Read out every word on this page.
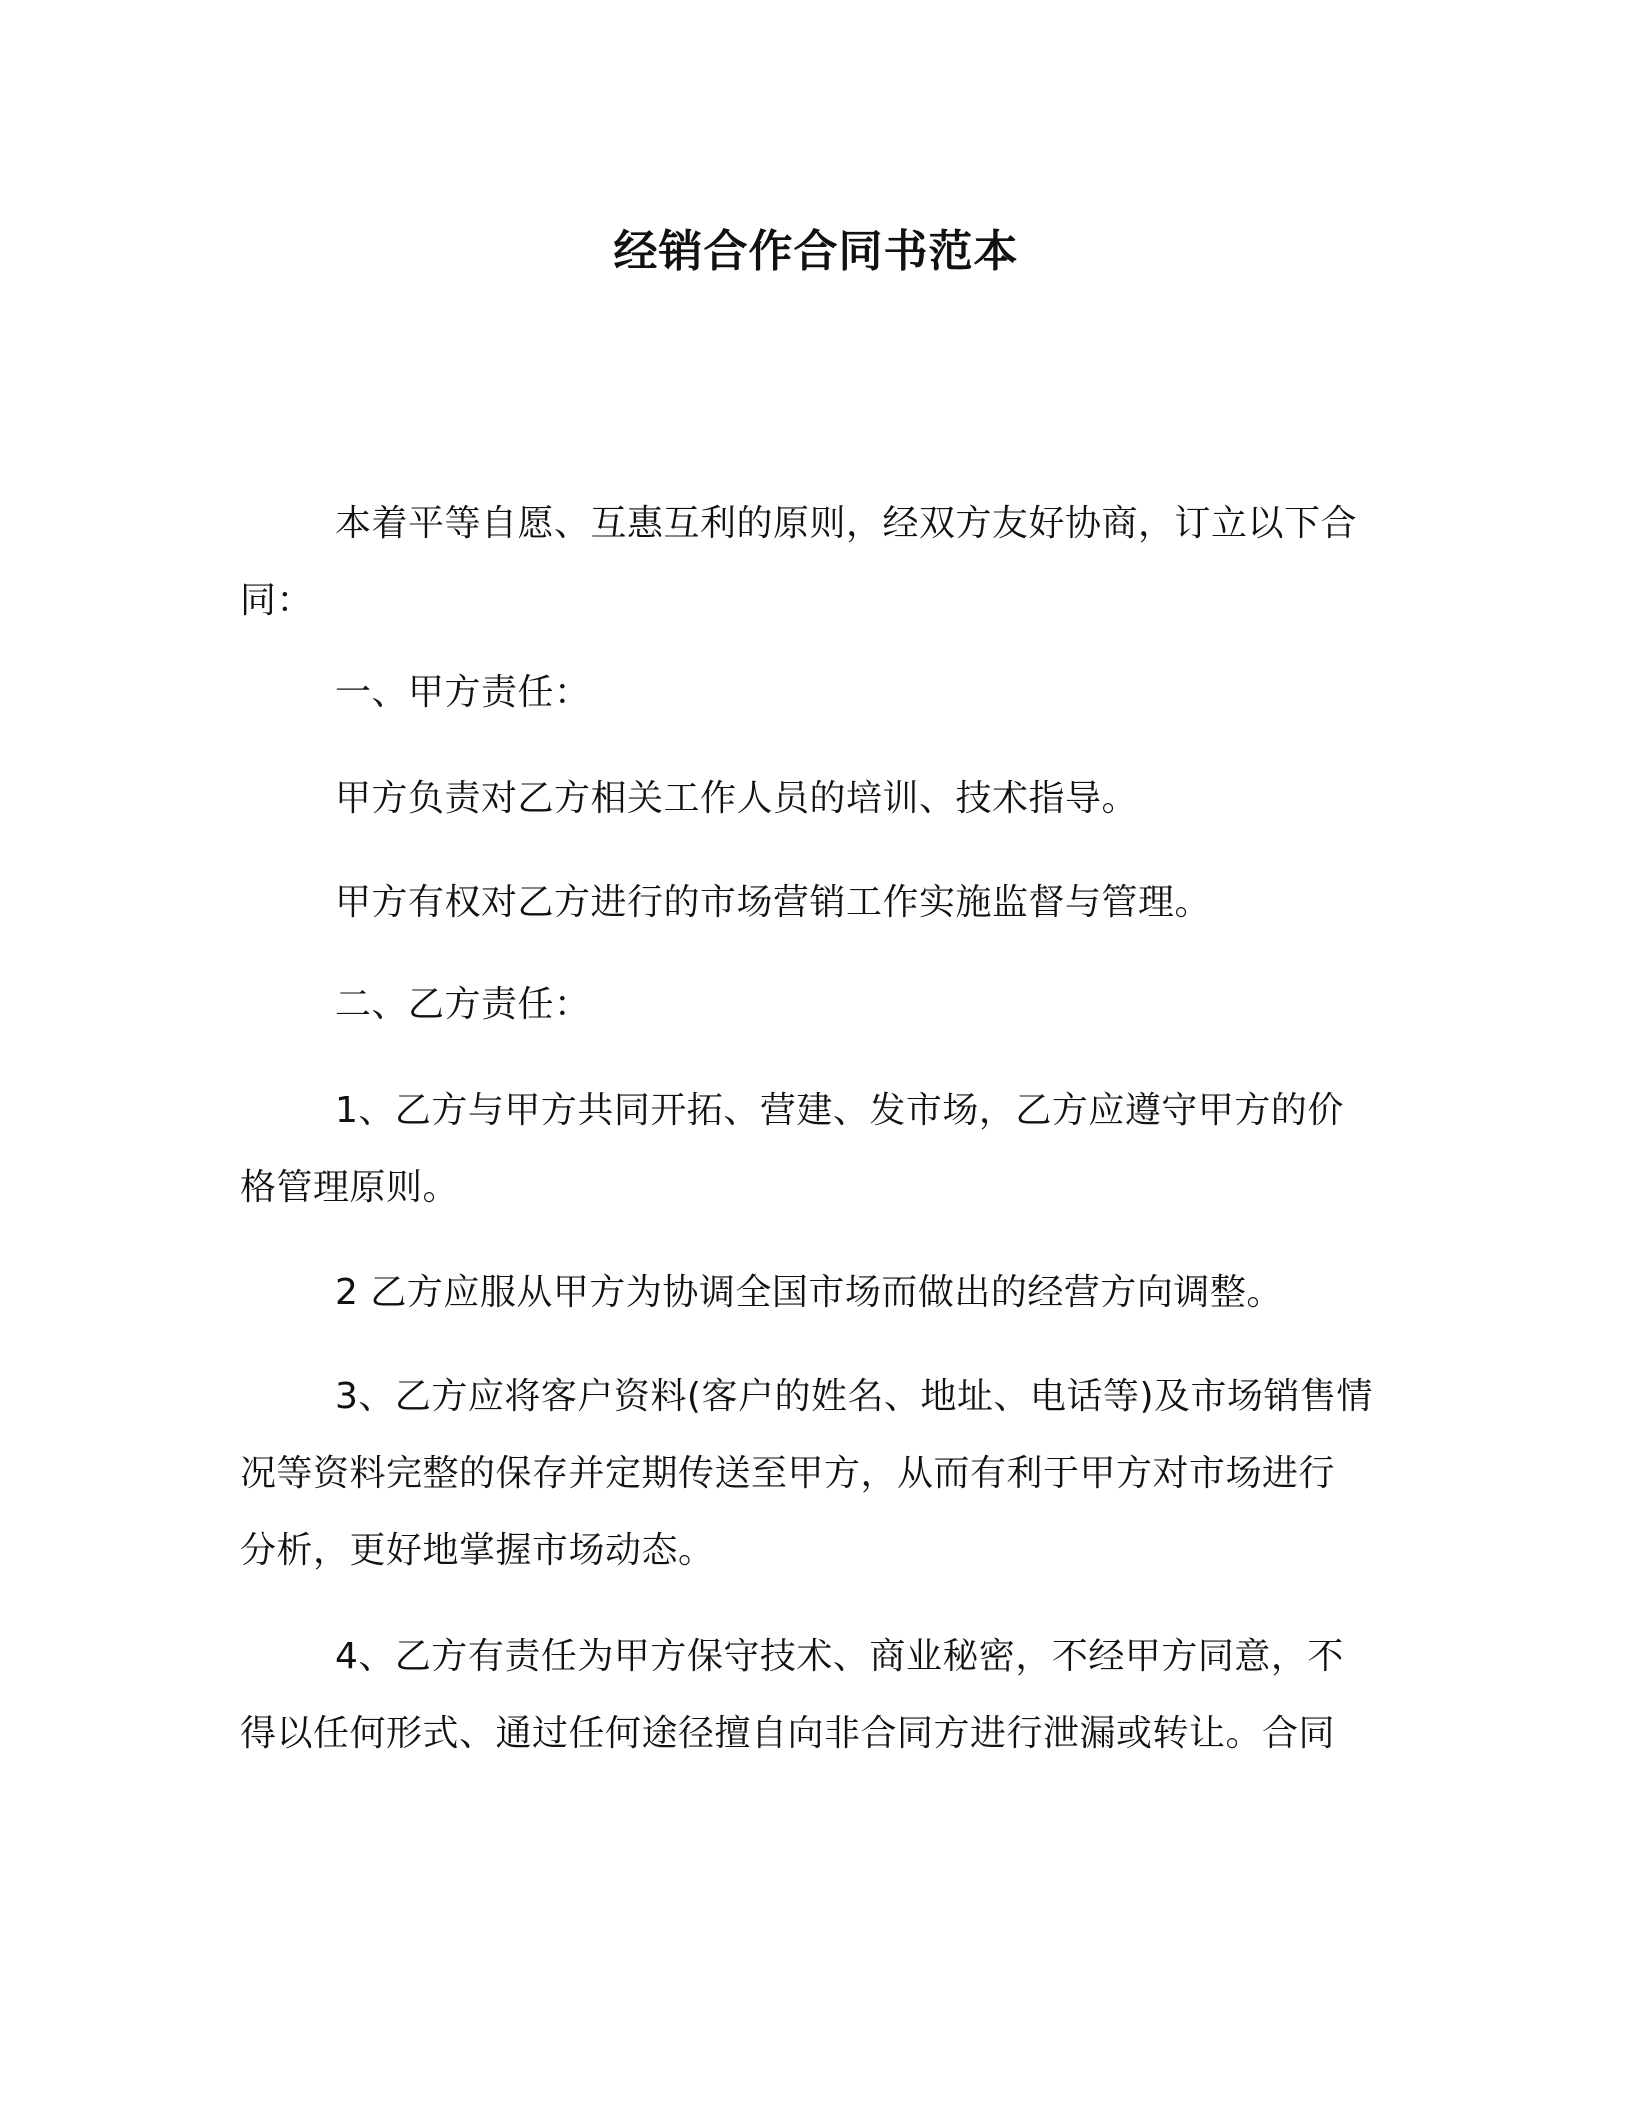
经销合作合同书范本

本着平等自愿、互惠互利的原则，经双方友好协商，订立以下合
同：

一、甲方责任：

甲方负责对乙方相关工作人员的培训、技术指导。

甲方有权对乙方进行的市场营销工作实施监督与管理。

二、乙方责任：

1、乙方与甲方共同开拓、营建、发市场，乙方应遵守甲方的价
格管理原则。

2 乙方应服从甲方为协调全国市场而做出的经营方向调整。

3、乙方应将客户资料(客户的姓名、地址、电话等)及市场销售情
况等资料完整的保存并定期传送至甲方，从而有利于甲方对市场进行
分析，更好地掌握市场动态。

4、乙方有责任为甲方保守技术、商业秘密，不经甲方同意，不
得以任何形式、通过任何途径擅自向非合同方进行泄漏或转让。合同
